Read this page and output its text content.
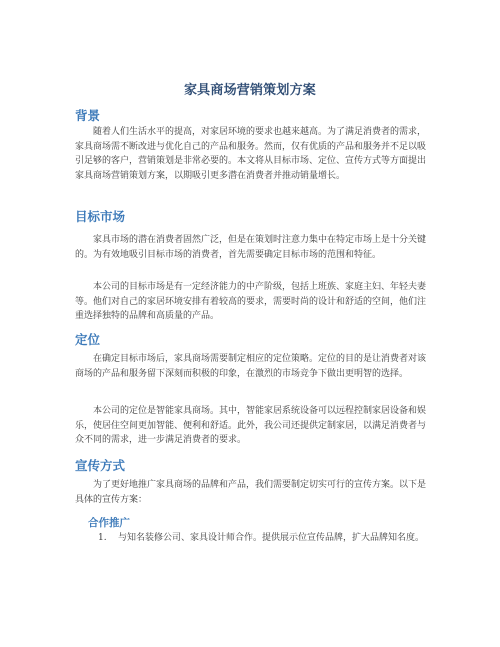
家具商场营销策划方案
背景

随着人们生活水平的提高，对家居环境的要求也越来越高。为了满足消费者的需求，家具商场需不断改进与优化自己的产品和服务。然而，仅有优质的产品和服务并不足以吸引足够的客户，营销策划是非常必要的。本文将从目标市场、定位、宣传方式等方面提出家具商场营销策划方案，以期吸引更多潜在消费者并推动销量增长。

目标市场

家具市场的潜在消费者固然广泛，但是在策划时注意力集中在特定市场上是十分关键的。为有效地吸引目标市场的消费者，首先需要确定目标市场的范围和特征。

本公司的目标市场是有一定经济能力的中产阶级，包括上班族、家庭主妇、年轻夫妻等。他们对自己的家居环境安排有着较高的要求，需要时尚的设计和舒适的空间，他们注重选择独特的品牌和高质量的产品。

定位

在确定目标市场后，家具商场需要制定相应的定位策略。定位的目的是让消费者对该商场的产品和服务留下深刻而积极的印象，在激烈的市场竞争下做出更明智的选择。

本公司的定位是智能家具商场。其中，智能家居系统设备可以远程控制家居设备和娱乐，使居住空间更加智能、便利和舒适。此外，我公司还提供定制家居，以满足消费者与众不同的需求，进一步满足消费者的要求。

宣传方式

为了更好地推广家具商场的品牌和产品，我们需要制定切实可行的宣传方案。以下是具体的宣传方案：

合作推广

1. 与知名装修公司、家具设计师合作。提供展示位宣传品牌，扩大品牌知名度。
